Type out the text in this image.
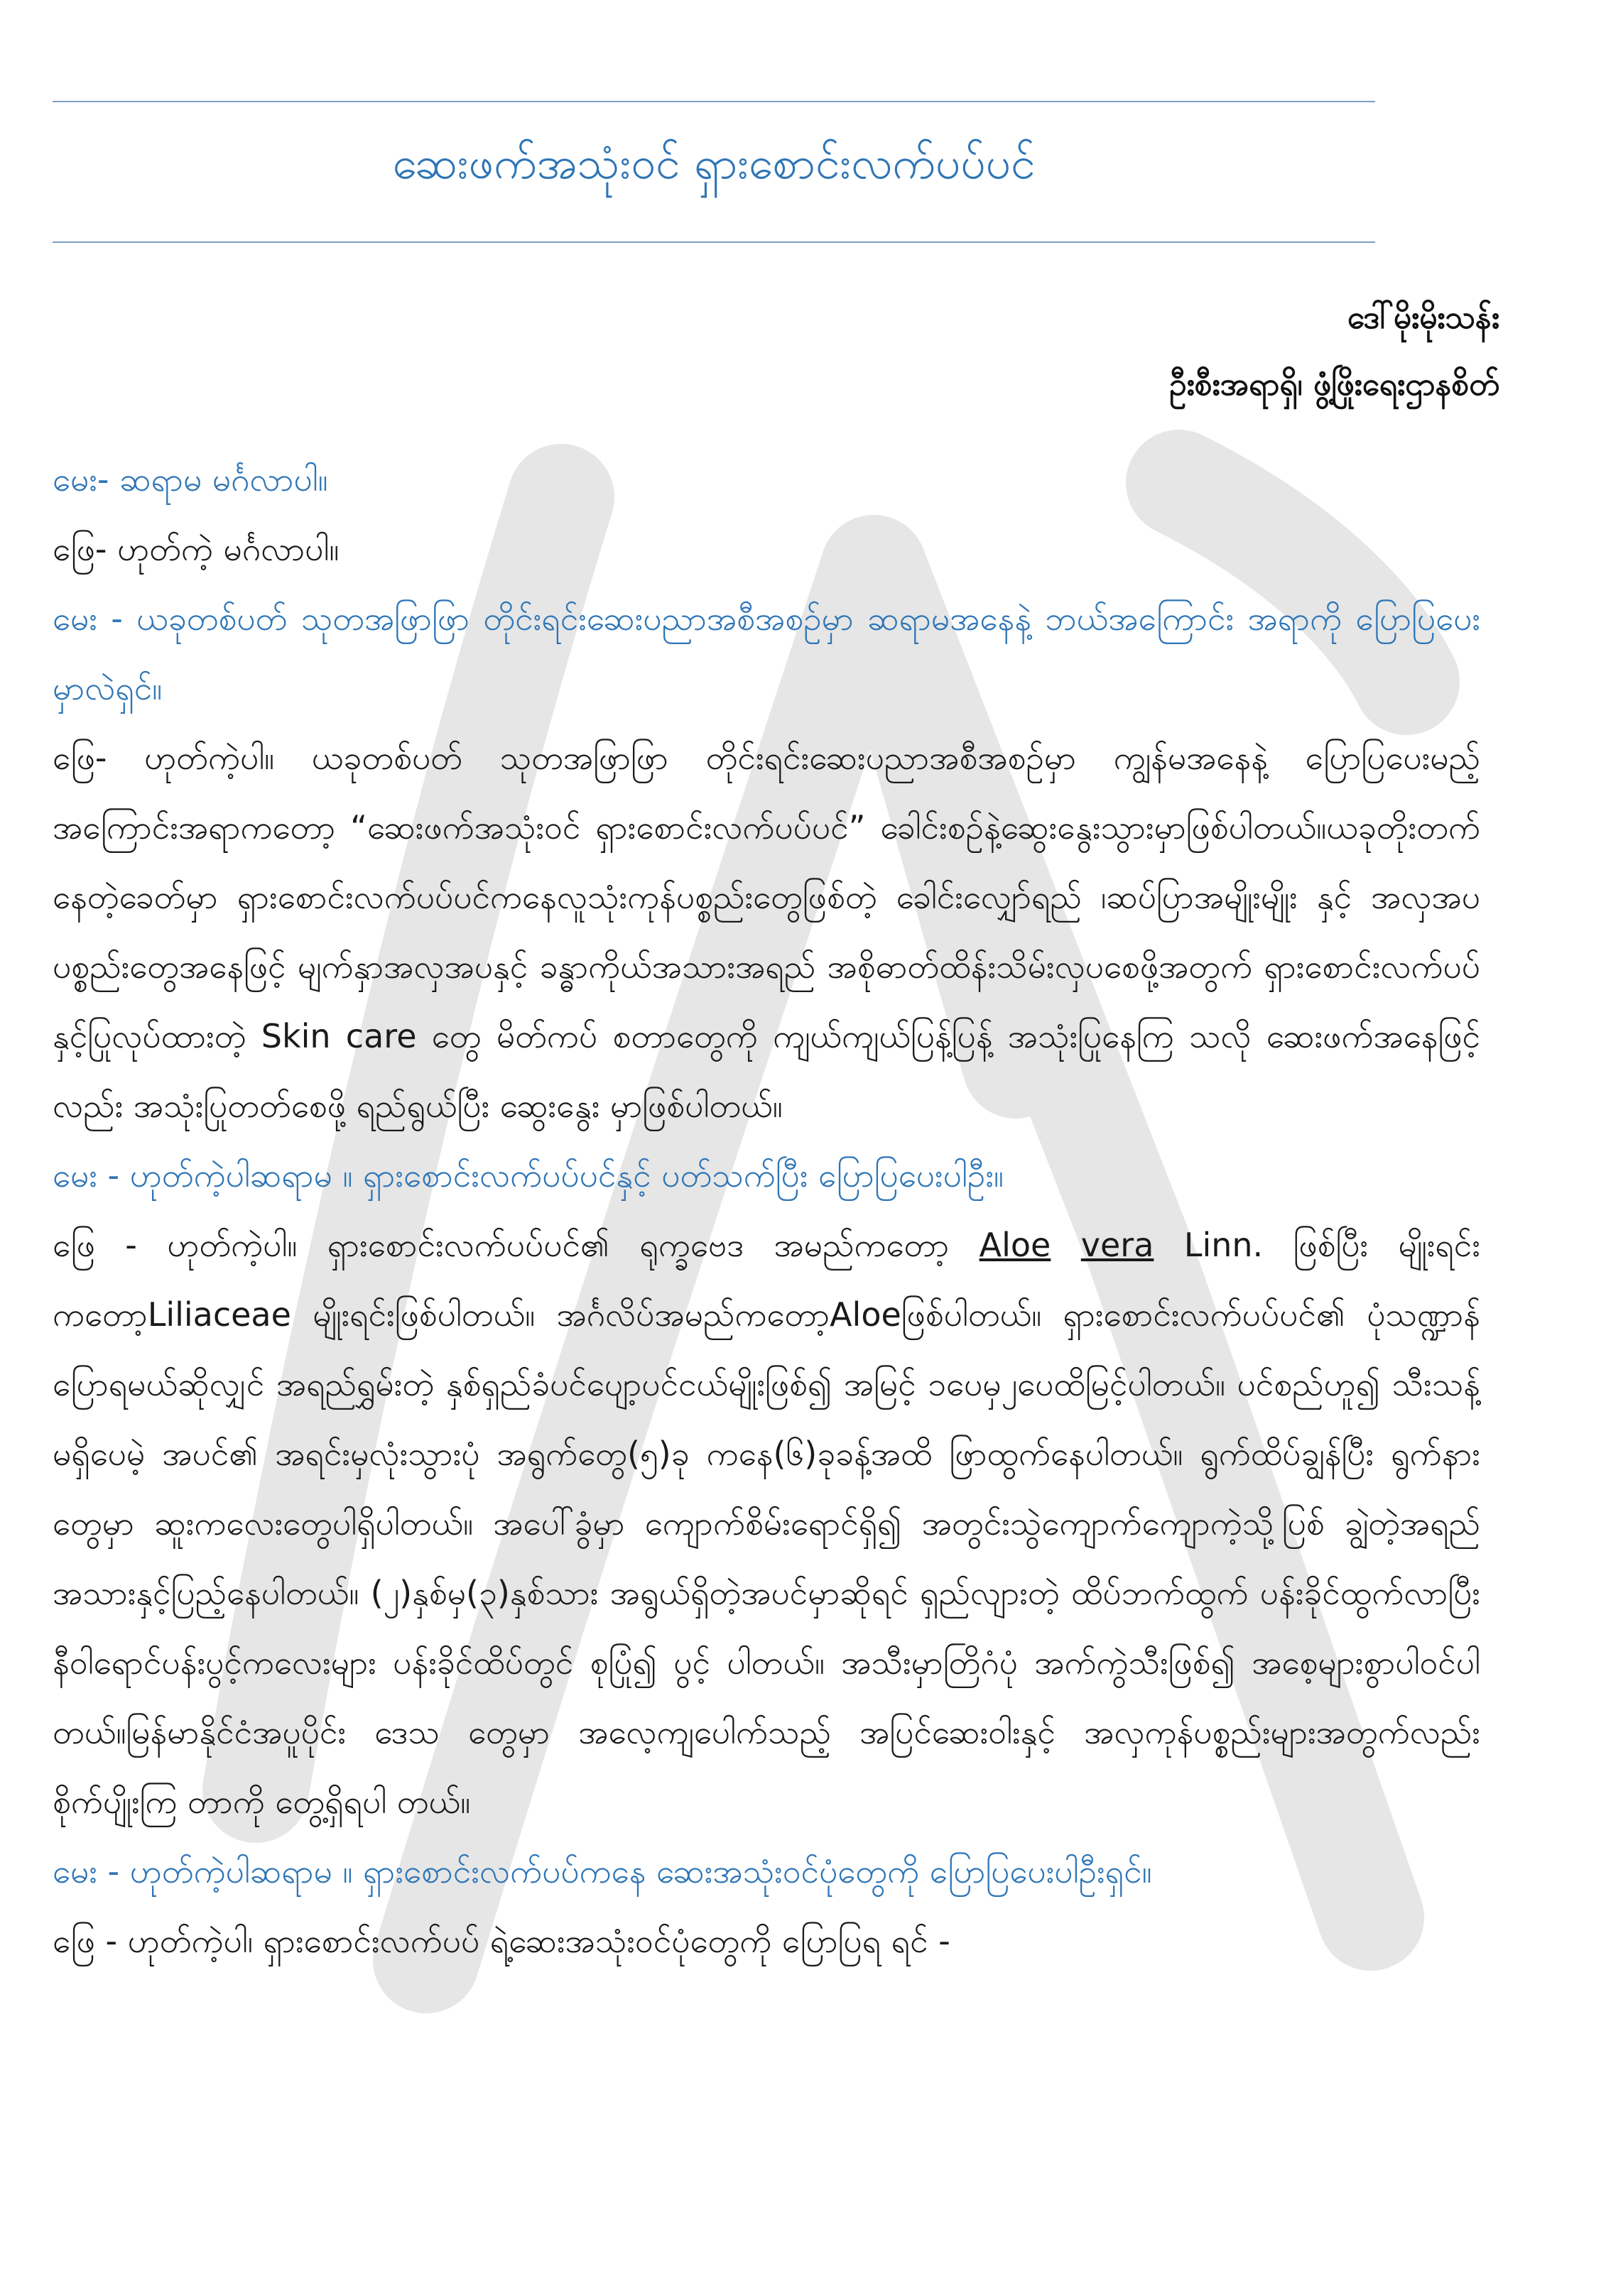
ဆေးဖက်အသုံးဝင် ရှားစောင်းလက်ပပ်ပင်
ဒေါ်မိုးမိုးသန်း
ဦးစီးအရာရှိ၊ ဖွံ့ဖြိုးရေးဌာနစိတ်

မေး- ဆရာမ မင်္ဂလာပါ။

ဖြေ- ဟုတ်ကဲ့ မင်္ဂလာပါ။

မေး - ယခုတစ်ပတ် သုတအဖြာဖြာ တိုင်းရင်းဆေးပညာအစီအစဉ်မှာ ဆရာမအနေနဲ့ ဘယ်အကြောင်း အရာကို ပြောပြပေးမှာလဲရှင်။

ဖြေ- ဟုတ်ကဲ့ပါ။ ယခုတစ်ပတ် သုတအဖြာဖြာ တိုင်းရင်းဆေးပညာအစီအစဉ်မှာ ကျွန်မအနေနဲ့ ပြောပြပေးမည့် အကြောင်းအရာကတော့ “ဆေးဖက်အသုံးဝင် ရှားစောင်းလက်ပပ်ပင်” ခေါင်းစဉ်နဲ့ဆွေးနွေးသွားမှာဖြစ်ပါတယ်။ယခုတိုးတက်နေတဲ့ခေတ်မှာ ရှားစောင်းလက်ပပ်ပင်ကနေလူသုံးကုန်ပစ္စည်းတွေဖြစ်တဲ့ ခေါင်းလျှော်ရည် ၊ဆပ်ပြာအမျိုးမျိုး နှင့် အလှအပပစ္စည်းတွေအနေဖြင့် မျက်နှာအလှအပနှင့် ခန္ဓာကိုယ်အသားအရည် အစိုဓာတ်ထိန်းသိမ်းလှပစေဖို့အတွက် ရှားစောင်းလက်ပပ်နှင့်ပြုလုပ်ထားတဲ့ Skin care တွေ မိတ်ကပ် စတာတွေကို ကျယ်ကျယ်ပြန့်ပြန့် အသုံးပြုနေကြ သလို ဆေးဖက်အနေဖြင့်လည်း အသုံးပြုတတ်စေဖို့ ရည်ရွယ်ပြီး ဆွေးနွေး မှာဖြစ်ပါတယ်။

မေး - ဟုတ်ကဲ့ပါဆရာမ ။ ရှားစောင်းလက်ပပ်ပင်နှင့် ပတ်သက်ပြီး ပြောပြပေးပါဦး။

ဖြေ - ဟုတ်ကဲ့ပါ။ ရှားစောင်းလက်ပပ်ပင်၏ ရုက္ခဗေဒ အမည်ကတော့ Aloe vera Linn. ဖြစ်ပြီး မျိုးရင်းကတော့Liliaceae မျိုးရင်းဖြစ်ပါတယ်။ အင်္ဂလိပ်အမည်ကတော့Aloeဖြစ်ပါတယ်။ ရှားစောင်းလက်ပပ်ပင်၏ ပုံသဏ္ဍာန်ပြောရမယ်ဆိုလျှင် အရည်ရွှမ်းတဲ့ နှစ်ရှည်ခံပင်ပျော့ပင်ငယ်မျိုးဖြစ်၍ အမြင့် ၁ပေမှ၂ပေထိမြင့်ပါတယ်။ ပင်စည်ဟူ၍ သီးသန့်မရှိပေမဲ့ အပင်၏ အရင်းမှလုံးသွားပုံ အရွက်တွေ(၅)ခု ကနေ(၆)ခုခန့်အထိ ဖြာထွက်နေပါတယ်။ ရွက်ထိပ်ချွန်ပြီး ရွက်နားတွေမှာ ဆူးကလေးတွေပါရှိပါတယ်။ အပေါ်ခွံမှာ ကျောက်စိမ်းရောင်ရှိ၍ အတွင်းသွဲကျောက်ကျောကဲ့သို့ပြစ် ချွဲတဲ့အရည်အသားနှင့်ပြည့်နေပါတယ်။ (၂)နှစ်မှ(၃)နှစ်သား အရွယ်ရှိတဲ့အပင်မှာဆိုရင် ရှည်လျားတဲ့ ထိပ်ဘက်ထွက် ပန်းခိုင်ထွက်လာပြီး နီဝါရောင်ပန်းပွင့်ကလေးများ ပန်းခိုင်ထိပ်တွင် စုပြုံ၍ ပွင့် ပါတယ်။ အသီးမှာတြိဂံပုံ အက်ကွဲသီးဖြစ်၍ အစေ့များစွာပါဝင်ပါတယ်။မြန်မာနိုင်ငံအပူပိုင်း ဒေသ တွေမှာ အလေ့ကျပေါက်သည့် အပြင်ဆေးဝါးနှင့် အလှကုန်ပစ္စည်းများအတွက်လည်း စိုက်ပျိုးကြ တာကို တွေ့ရှိရပါ တယ်။

မေး - ဟုတ်ကဲ့ပါဆရာမ ။ ရှားစောင်းလက်ပပ်ကနေ ဆေးအသုံးဝင်ပုံတွေကို ပြောပြပေးပါဦးရှင်။

ဖြေ - ဟုတ်ကဲ့ပါ၊ ရှားစောင်းလက်ပပ် ရဲ့ဆေးအသုံးဝင်ပုံတွေကို ပြောပြရ ရင် -
